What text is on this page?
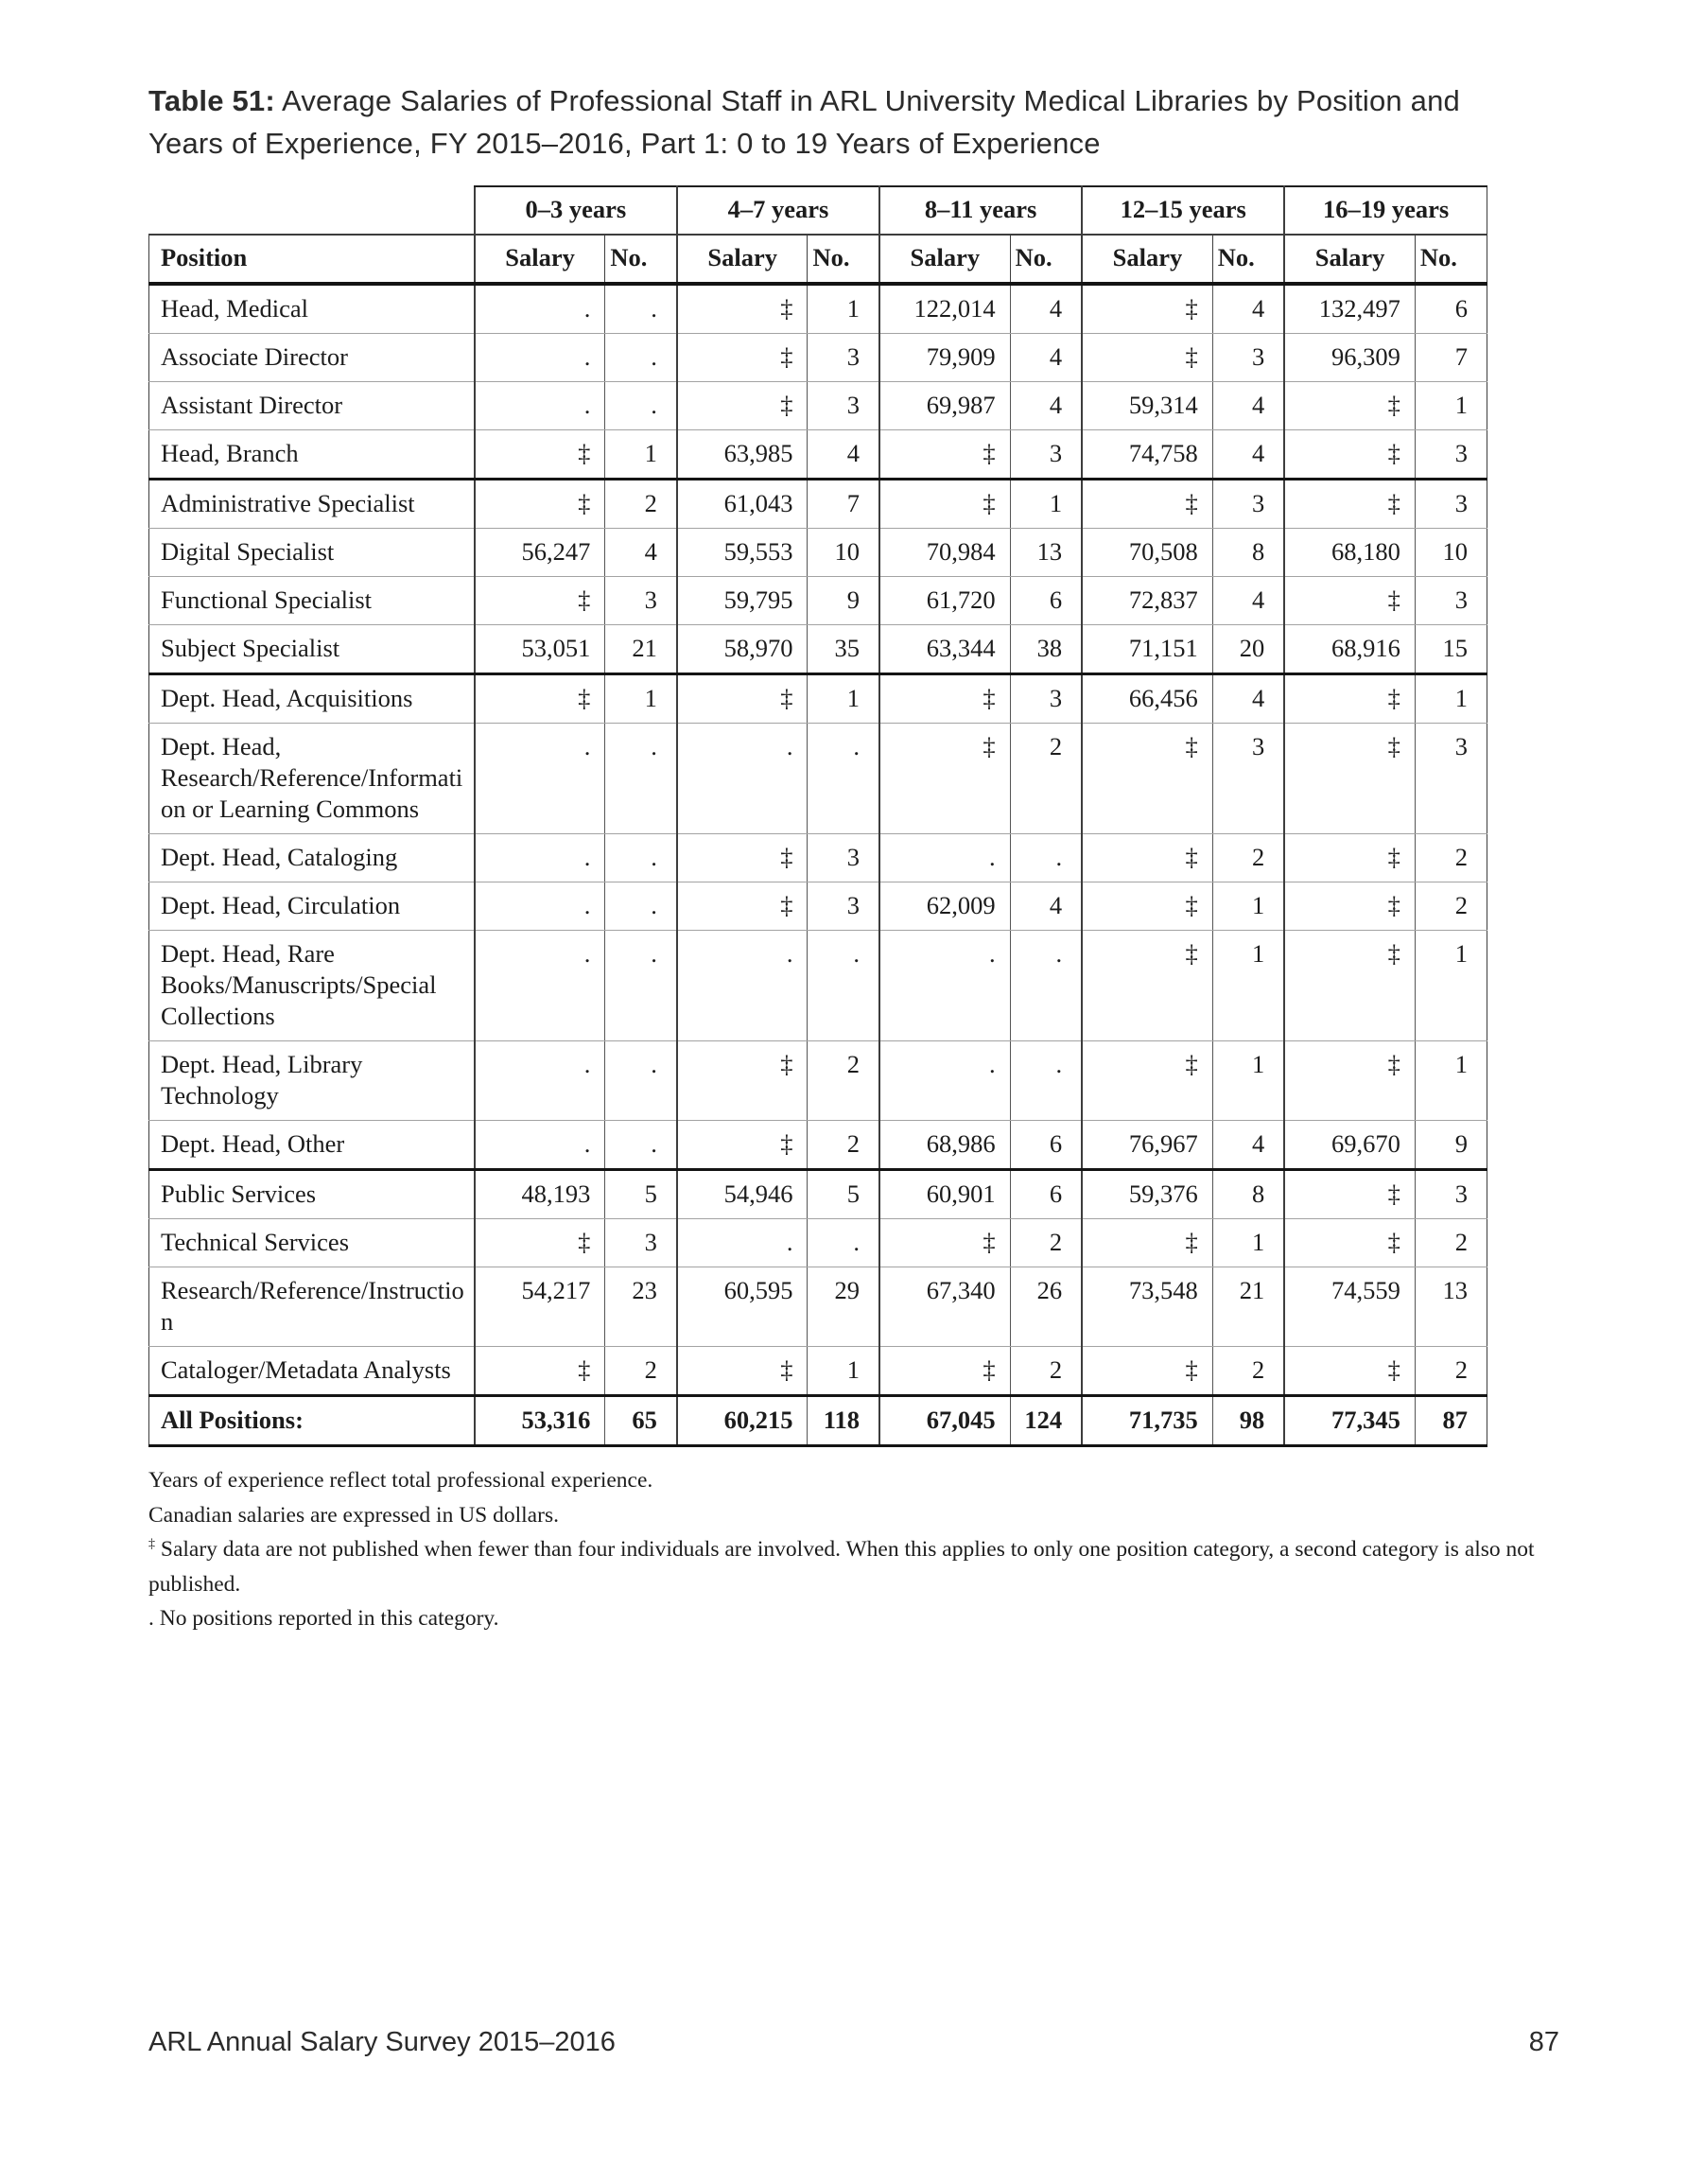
Table 51: Average Salaries of Professional Staff in ARL University Medical Libraries by Position and Years of Experience, FY 2015–2016, Part 1: 0 to 19 Years of Experience
	0–3 years		4–7 years		8–11 years		12–15 years		16–19 years	
Position	Salary	No.	Salary	No.	Salary	No.	Salary	No.	Salary	No.
Head, Medical	.	.	‡	1	122,014	4	‡	4	132,497	6
Associate Director	.	.	‡	3	79,909	4	‡	3	96,309	7
Assistant Director	.	.	‡	3	69,987	4	59,314	4	‡	1
Head, Branch	‡	1	63,985	4	‡	3	74,758	4	‡	3
Administrative Specialist	‡	2	61,043	7	‡	1	‡	3	‡	3
Digital Specialist	56,247	4	59,553	10	70,984	13	70,508	8	68,180	10
Functional Specialist	‡	3	59,795	9	61,720	6	72,837	4	‡	3
Subject Specialist	53,051	21	58,970	35	63,344	38	71,151	20	68,916	15
Dept. Head, Acquisitions	‡	1	‡	1	‡	3	66,456	4	‡	1
Dept. Head, Research/Reference/Information or Learning Commons	.	.	.	.	‡	2	‡	3	‡	3
Dept. Head, Cataloging	.	.	‡	3	.	.	‡	2	‡	2
Dept. Head, Circulation	.	.	‡	3	62,009	4	‡	1	‡	2
Dept. Head, Rare Books/Manuscripts/Special Collections	.	.	.	.	.	.	‡	1	‡	1
Dept. Head, Library Technology	.	.	‡	2	.	.	‡	1	‡	1
Dept. Head, Other	.	.	‡	2	68,986	6	76,967	4	69,670	9
Public Services	48,193	5	54,946	5	60,901	6	59,376	8	‡	3
Technical Services	‡	3	.	.	‡	2	‡	1	‡	2
Research/Reference/Instruction	54,217	23	60,595	29	67,340	26	73,548	21	74,559	13
Cataloger/Metadata Analysts	‡	2	‡	1	‡	2	‡	2	‡	2
All Positions:	53,316	65	60,215	118	67,045	124	71,735	98	77,345	87
Years of experience reflect total professional experience.
Canadian salaries are expressed in US dollars.
‡ Salary data are not published when fewer than four individuals are involved. When this applies to only one position category, a second category is also not published.
. No positions reported in this category.
ARL Annual Salary Survey 2015–2016	87
